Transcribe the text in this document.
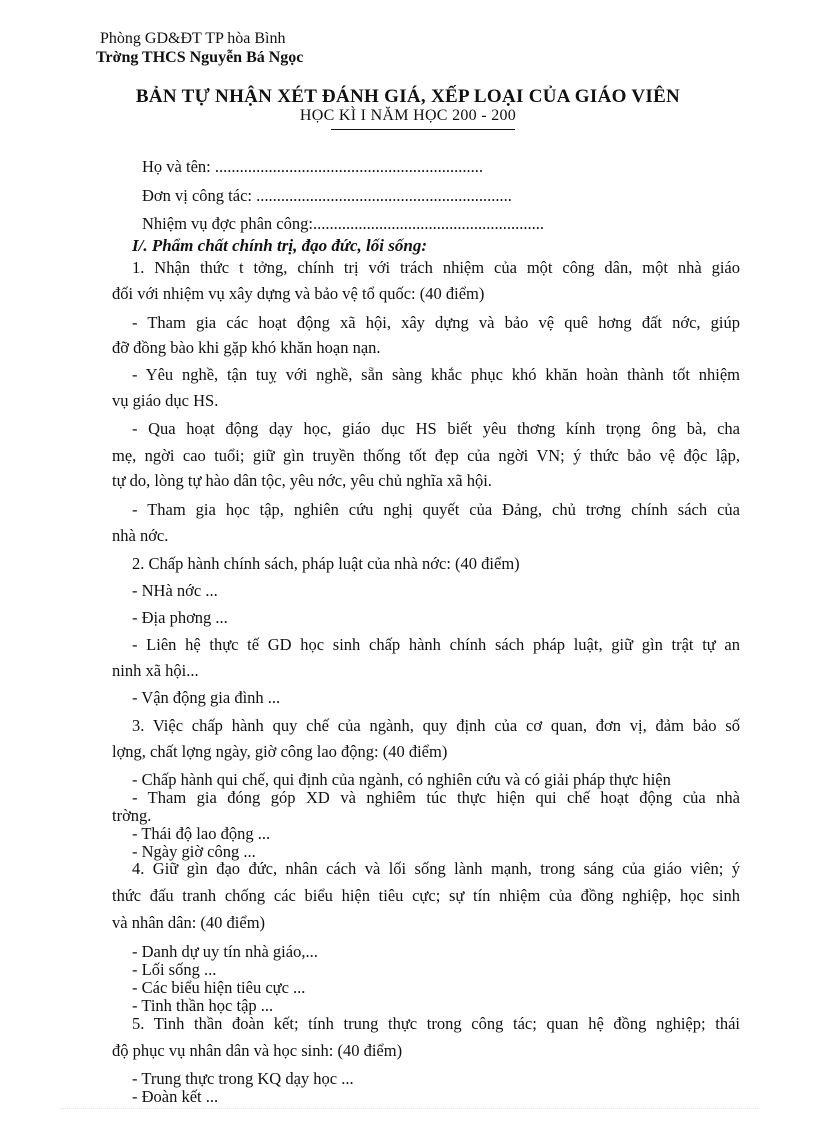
Phòng GD&ĐT TP hòa Bình
Trờng THCS Nguyễn Bá Ngọc
BẢN TỰ NHẬN XÉT ĐÁNH GIÁ, XẾP LOẠI CỦA GIÁO VIÊN
HỌC KÌ I NĂM HỌC 200 - 200
Họ và tên: .................................................................
Đơn vị công tác: ..............................................................
Nhiệm vụ đợc phân công:........................................................
I/. Phẩm chất chính trị, đạo đức, lối sống:
1. Nhận thức t tởng, chính trị với trách nhiệm của một công dân, một nhà giáo
đối với nhiệm vụ xây dựng và bảo vệ tổ quốc: (40 điểm)
- Tham gia các hoạt động xã hội, xây dựng và bảo vệ quê hơng đất nớc, giúp
đỡ đồng bào khi gặp khó khăn hoạn nạn.
- Yêu nghề, tận tuỵ với nghề, sẵn sàng khắc phục khó khăn hoàn thành tốt nhiệm
vụ giáo dục HS.
- Qua hoạt động dạy học, giáo dục HS biết yêu thơng kính trọng ông bà, cha
mẹ, ngời cao tuổi; giữ gìn truyền thống tốt đẹp của ngời VN; ý thức bảo vệ độc lập,
tự do, lòng tự hào dân tộc, yêu nớc, yêu chủ nghĩa xã hội.
- Tham gia học tập, nghiên cứu nghị quyết của Đảng, chủ trơng chính sách của
nhà nớc.
2. Chấp hành chính sách, pháp luật của nhà nớc: (40 điểm)
- NHà nớc ...
- Địa phơng ...
- Liên hệ thực tế GD học sinh chấp hành chính sách pháp luật, giữ gìn trật tự an
ninh xã hội...
- Vận động gia đình ...
3. Việc chấp hành quy chế của ngành, quy định của cơ quan, đơn vị, đảm bảo số
lợng, chất lợng ngày, giờ công lao động: (40 điểm)
- Chấp hành qui chế, qui định của ngành, có nghiên cứu và có giải pháp thực hiện
- Tham gia đóng góp XD và nghiêm túc thực hiện qui chế hoạt động của nhà
trờng.
- Thái độ lao động ...
- Ngày giờ công ...
4. Giữ gìn đạo đức, nhân cách và lối sống lành mạnh, trong sáng của giáo viên; ý
thức đấu tranh chống các biểu hiện tiêu cực; sự tín nhiệm của đồng nghiệp, học sinh
và nhân dân: (40 điểm)
- Danh dự uy tín nhà giáo,...
- Lối sống ...
- Các biểu hiện tiêu cực ...
- Tinh thần học tập ...
5. Tinh thần đoàn kết; tính trung thực trong công tác; quan hệ đồng nghiệp; thái
độ phục vụ nhân dân và học sinh: (40 điểm)
- Trung thực trong KQ dạy học ...
- Đoàn kết ...
